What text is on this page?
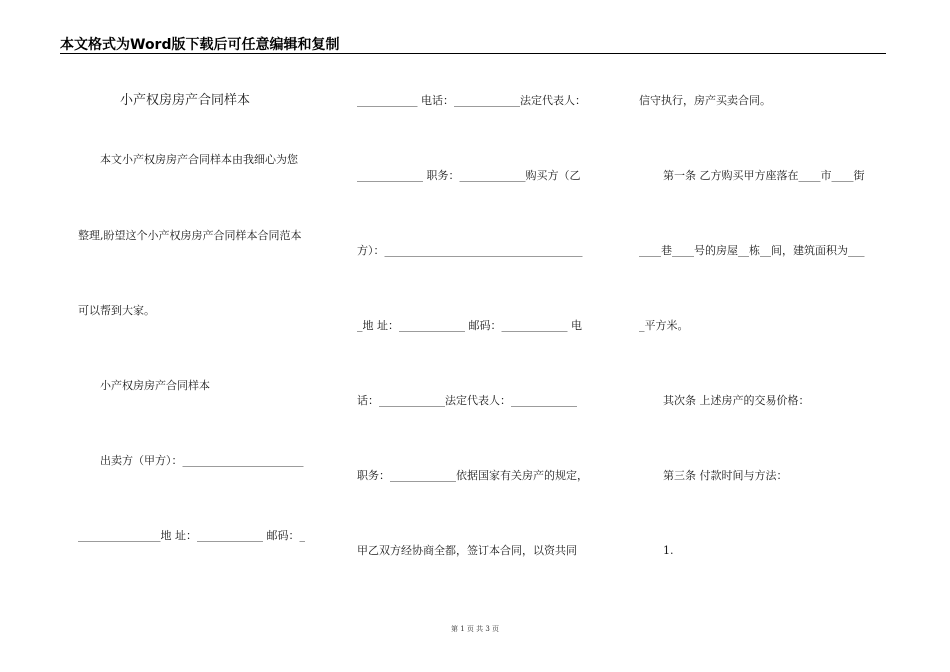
本文格式为Word版下载后可任意编辑和复制
小产权房房产合同样本
本文小产权房房产合同样本由我细心为您
整理,盼望这个小产权房房产合同样本合同范本
可以帮到大家。
小产权房房产合同样本
出卖方（甲方）：______________________
_______________地 址：____________ 邮码：_
___________ 电话：____________法定代表人：
____________ 职务：____________购买方（乙
方）：____________________________________
_地 址：____________ 邮码：____________ 电
话：____________法定代表人：____________
职务：____________依据国家有关房产的规定，
甲乙双方经协商全都，签订本合同，以资共同
信守执行，房产买卖合同。
第一条 乙方购买甲方座落在____市____街
____巷____号的房屋__栋__间，建筑面积为___
_平方米。
其次条 上述房产的交易价格：
第三条 付款时间与方法：
1.
第 1 页 共 3 页
